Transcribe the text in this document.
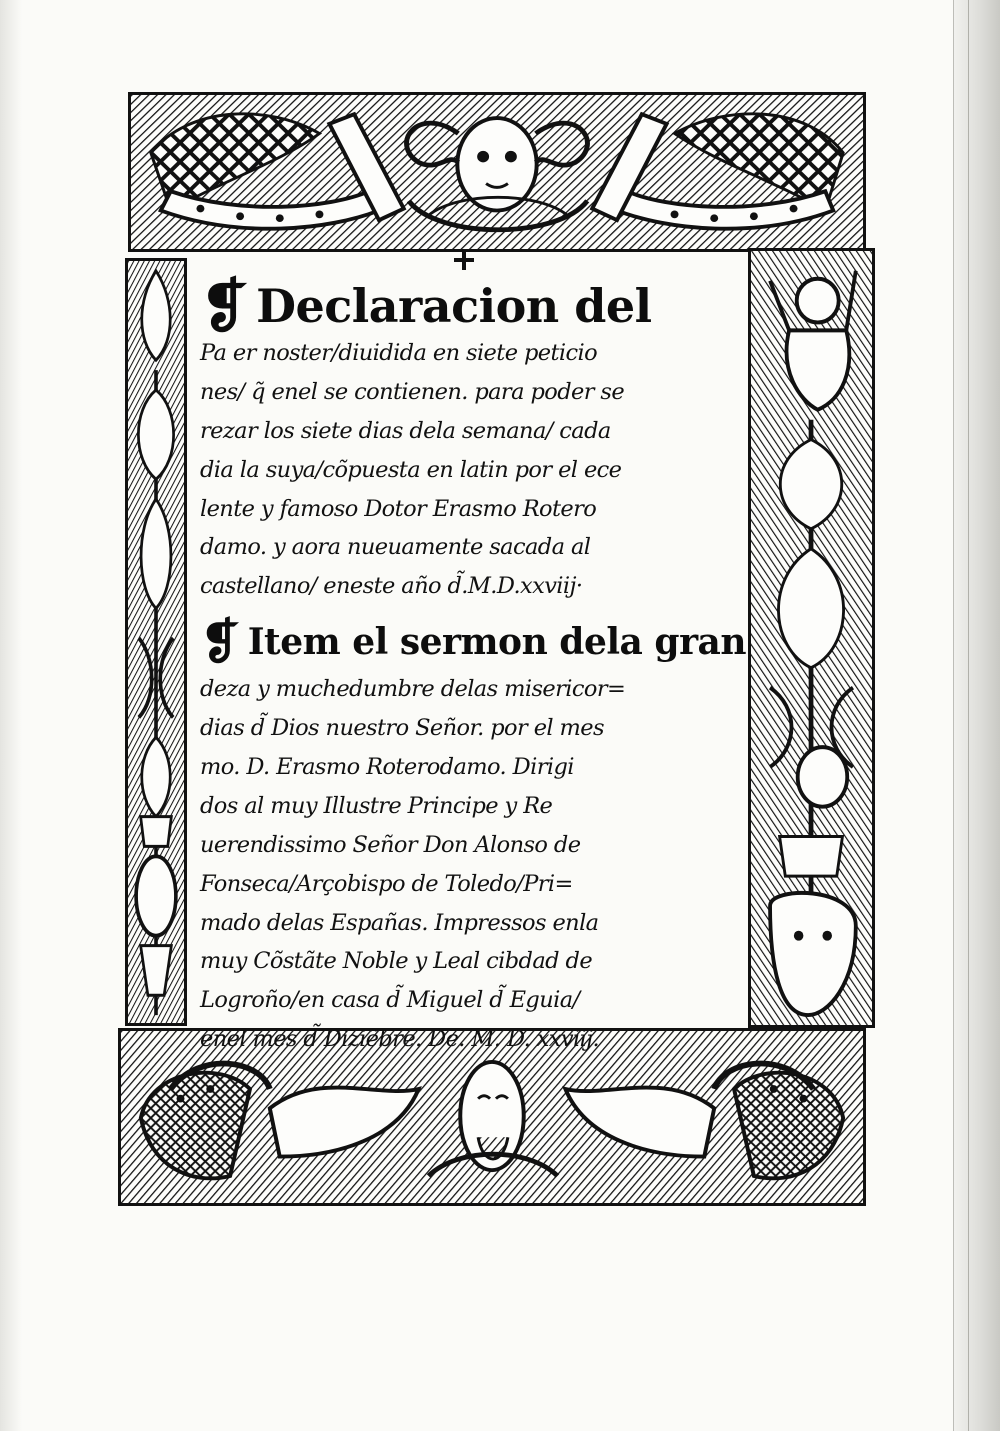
❡ Declaracion del
Pa er noster/diuidida en siete peticio
nes/ q̃ enel se contienen. para poder se
rezar los siete dias dela semana/ cada
dia la suya/cõpuesta en latin por el ece
lente y famoso Dotor Erasmo Rotero
damo. y aora nueuamente sacada al
castellano/ eneste año d̃.M.D.xxviij·
❡ Item el sermon dela gran
deza y muchedumbre delas misericor=
dias d̃ Dios nuestro Señor. por el mes
mo. D. Erasmo Roterodamo. Dirigi
dos al muy Illustre Principe y Re
uerendissimo Señor Don Alonso de
Fonseca/Arçobispo de Toledo/Pri=
mado delas Españas. Impressos enla
muy Cõstãte Noble y Leal cibdad de
Logroño/en casa d̃ Miguel d̃ Eguia/
enel mes d̃ Diziẽbre. De. M. D. xxviij.
